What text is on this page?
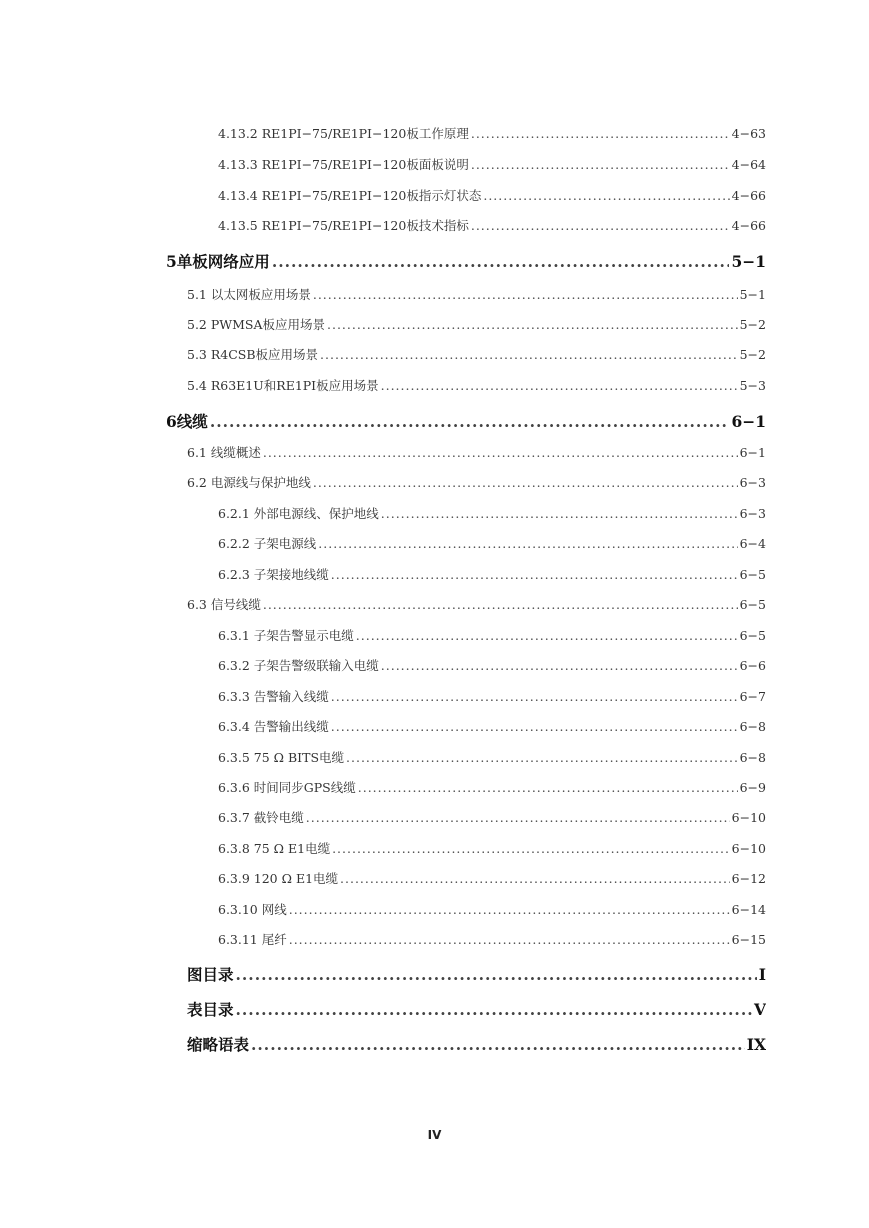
4.13.2 RE1PI−75/RE1PI−120板工作原理 .....	4−63
4.13.3 RE1PI−75/RE1PI−120板面板说明 .....	4−64
4.13.4 RE1PI−75/RE1PI−120板指示灯状态 .....	4−66
4.13.5 RE1PI−75/RE1PI−120板技术指标 .....	4−66
5 单板网络应用 .....	5−1
5.1 以太网板应用场景 .....	5−1
5.2 PWMSA板应用场景 .....	5−2
5.3 R4CSB板应用场景 .....	5−2
5.4 R63E1U和RE1PI板应用场景 .....	5−3
6 线缆 .....	6−1
6.1 线缆概述 .....	6−1
6.2 电源线与保护地线 .....	6−3
6.2.1 外部电源线、保护地线 .....	6−3
6.2.2 子架电源线 .....	6−4
6.2.3 子架接地线缆 .....	6−5
6.3 信号线缆 .....	6−5
6.3.1 子架告警显示电缆 .....	6−5
6.3.2 子架告警级联输入电缆 .....	6−6
6.3.3 告警输入线缆 .....	6−7
6.3.4 告警输出线缆 .....	6−8
6.3.5 75 Ω BITS电缆 .....	6−8
6.3.6 时间同步GPS线缆 .....	6−9
6.3.7 截铃电缆 .....	6−10
6.3.8 75 Ω E1电缆 .....	6−10
6.3.9 120 Ω E1电缆 .....	6−12
6.3.10 网线 .....	6−14
6.3.11 尾纤 .....	6−15
图目录 .....	I
表目录 .....	V
缩略语表 .....	IX
IV
